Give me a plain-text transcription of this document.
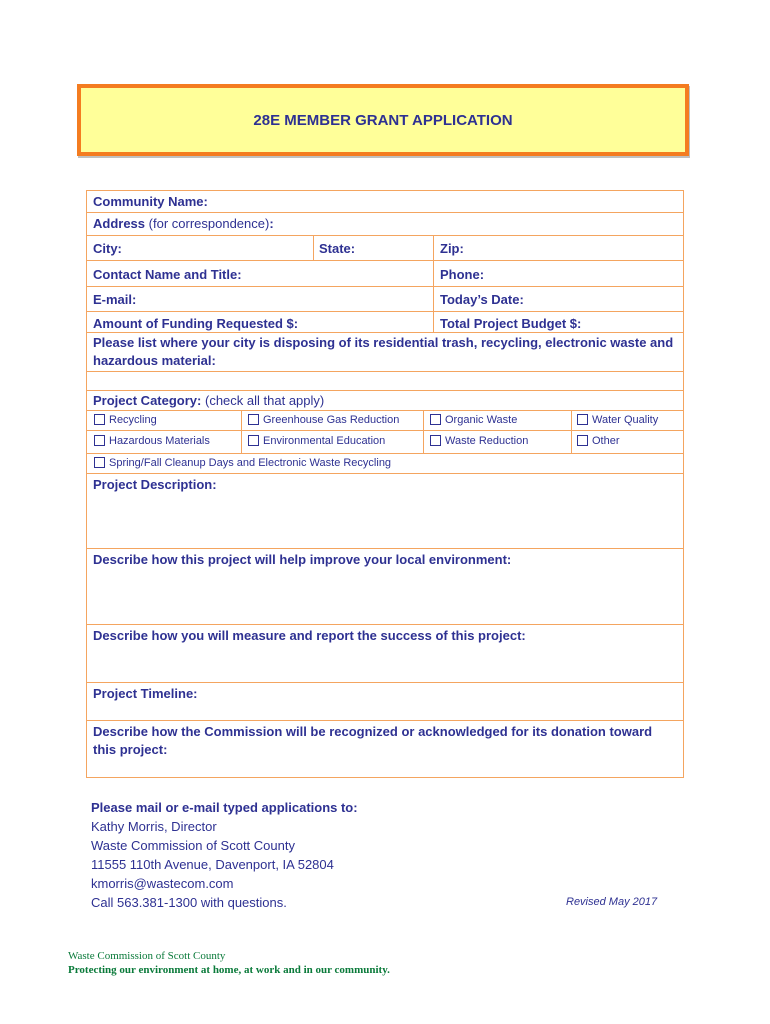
28E MEMBER GRANT APPLICATION
Community Name:
Address (for correspondence):
City:	State:	Zip:
Contact Name and Title:	Phone:
E-mail:	Today’s Date:
Amount of Funding Requested $:	Total Project Budget $:
Please list where your city is disposing of its residential trash, recycling, electronic waste and hazardous material:
Project Category: (check all that apply)
Recycling	Greenhouse Gas Reduction	Organic Waste	Water Quality
Hazardous Materials	Environmental Education	Waste Reduction	Other
Spring/Fall Cleanup Days and Electronic Waste Recycling
Project Description:
Describe how this project will help improve your local environment:
Describe how you will measure and report the success of this project:
Project Timeline:
Describe how the Commission will be recognized or acknowledged for its donation toward this project:
Please mail or e-mail typed applications to:
Kathy Morris, Director
Waste Commission of Scott County
11555 110th Avenue, Davenport, IA 52804
kmorris@wastecom.com
Call 563.381-1300 with questions.	Revised May 2017
Waste Commission of Scott County
Protecting our environment at home, at work and in our community.
